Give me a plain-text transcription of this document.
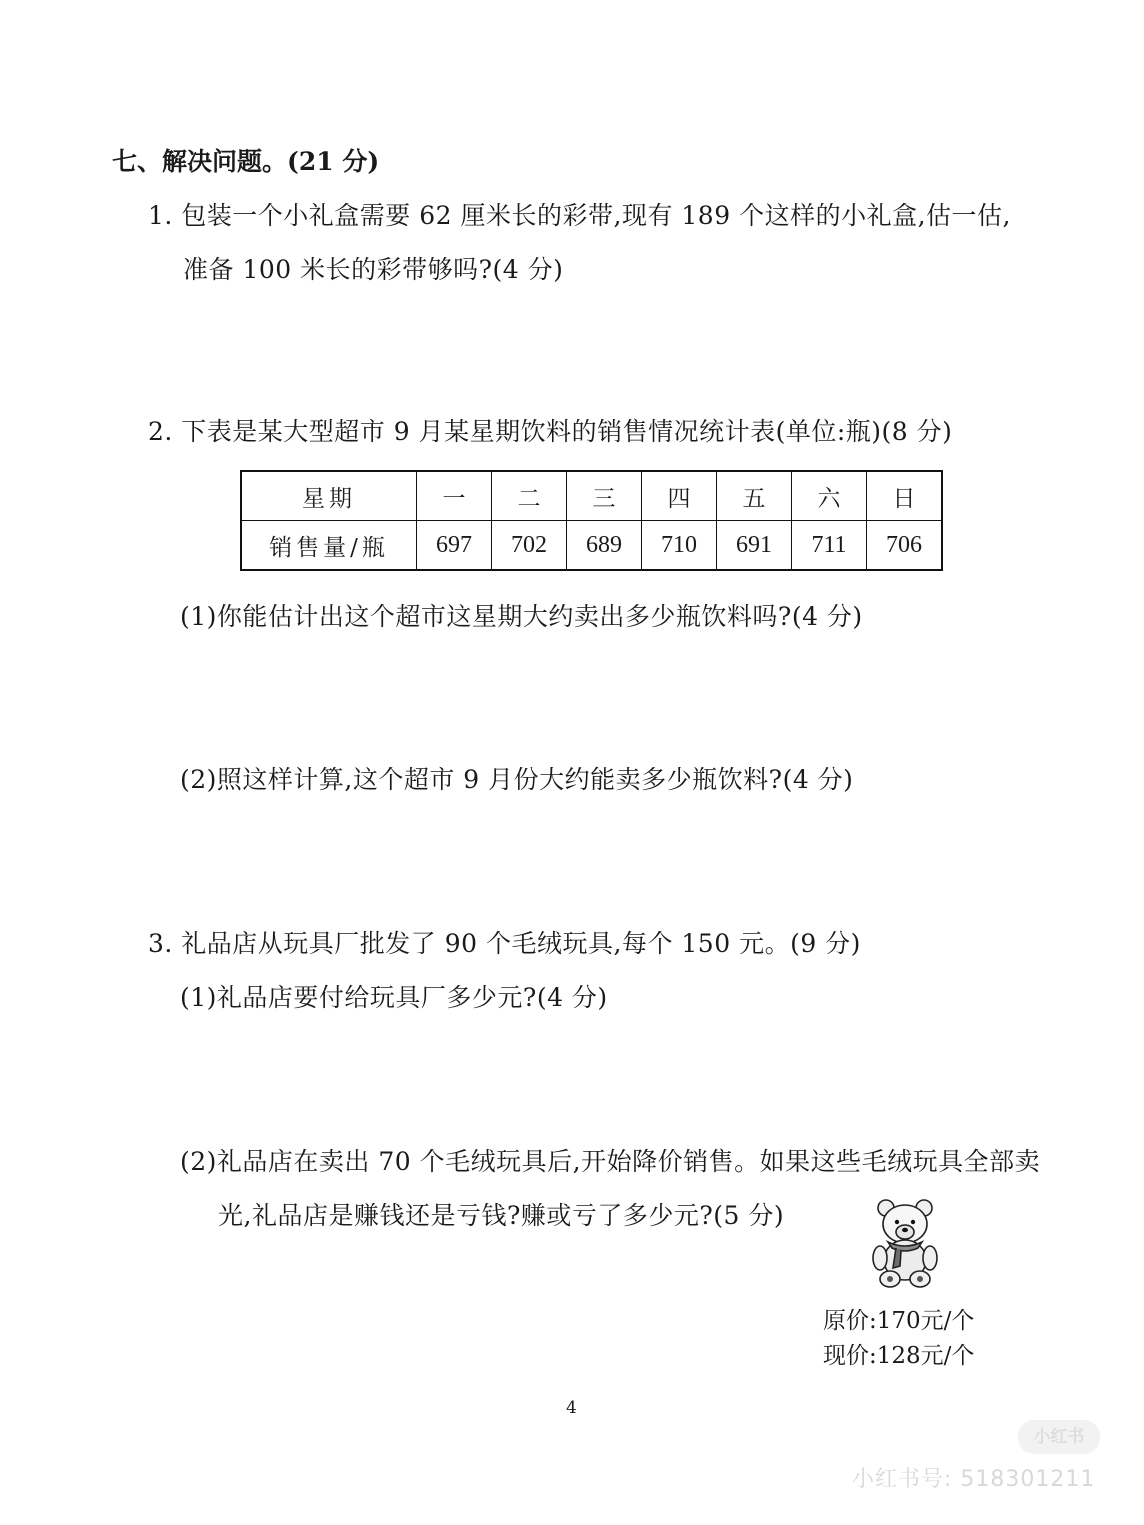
七、解决问题。(21 分)
1. 包装一个小礼盒需要 62 厘米长的彩带,现有 189 个这样的小礼盒,估一估,
准备 100 米长的彩带够吗?(4 分)
2. 下表是某大型超市 9 月某星期饮料的销售情况统计表(单位:瓶)(8 分)
星期	一	二	三	四	五	六	日
销售量/瓶	697	702	689	710	691	711	706
(1)你能估计出这个超市这星期大约卖出多少瓶饮料吗?(4 分)
(2)照这样计算,这个超市 9 月份大约能卖多少瓶饮料?(4 分)
3. 礼品店从玩具厂批发了 90 个毛绒玩具,每个 150 元。(9 分)
(1)礼品店要付给玩具厂多少元?(4 分)
(2)礼品店在卖出 70 个毛绒玩具后,开始降价销售。如果这些毛绒玩具全部卖
光,礼品店是赚钱还是亏钱?赚或亏了多少元?(5 分)
原价:170元/个
现价:128元/个
4
小红书
小红书号: 518301211
